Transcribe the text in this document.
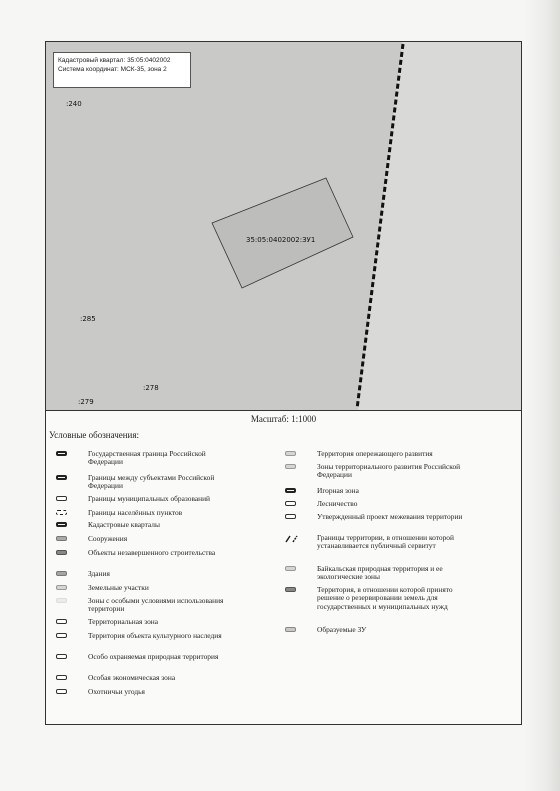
Кадастровый квартал: 35:05:0402002
Система координат: МСК-35, зона 2
:240
:285
:278
:279
35:05:0402002:ЗУ1
Масштаб: 1:1000
Условные обозначения:
Государственная граница Российской Федерации
Границы между субъектами Российской Федерации
Границы муниципальных образований
Границы населённых пунктов
Кадастровые кварталы
Сооружения
Объекты незавершенного строительства
Здания
Земельные участки
Зоны с особыми условиями использования территории
Территориальная зона
Территория объекта культурного наследия
Особо охраняемая природная территория
Особая экономическая зона
Охотничьи угодья
Территория опережающего развития
Зоны территориального развития Российской Федерации
Игорная зона
Лесничество
Утвержденный проект межевания территории
Границы территории, в отношении которой устанавливается публичный сервитут
Байкальская природная территория и ее экологические зоны
Территория, в отношении которой принято решение о резервировании земель для государственных и муниципальных нужд
Образуемые ЗУ
